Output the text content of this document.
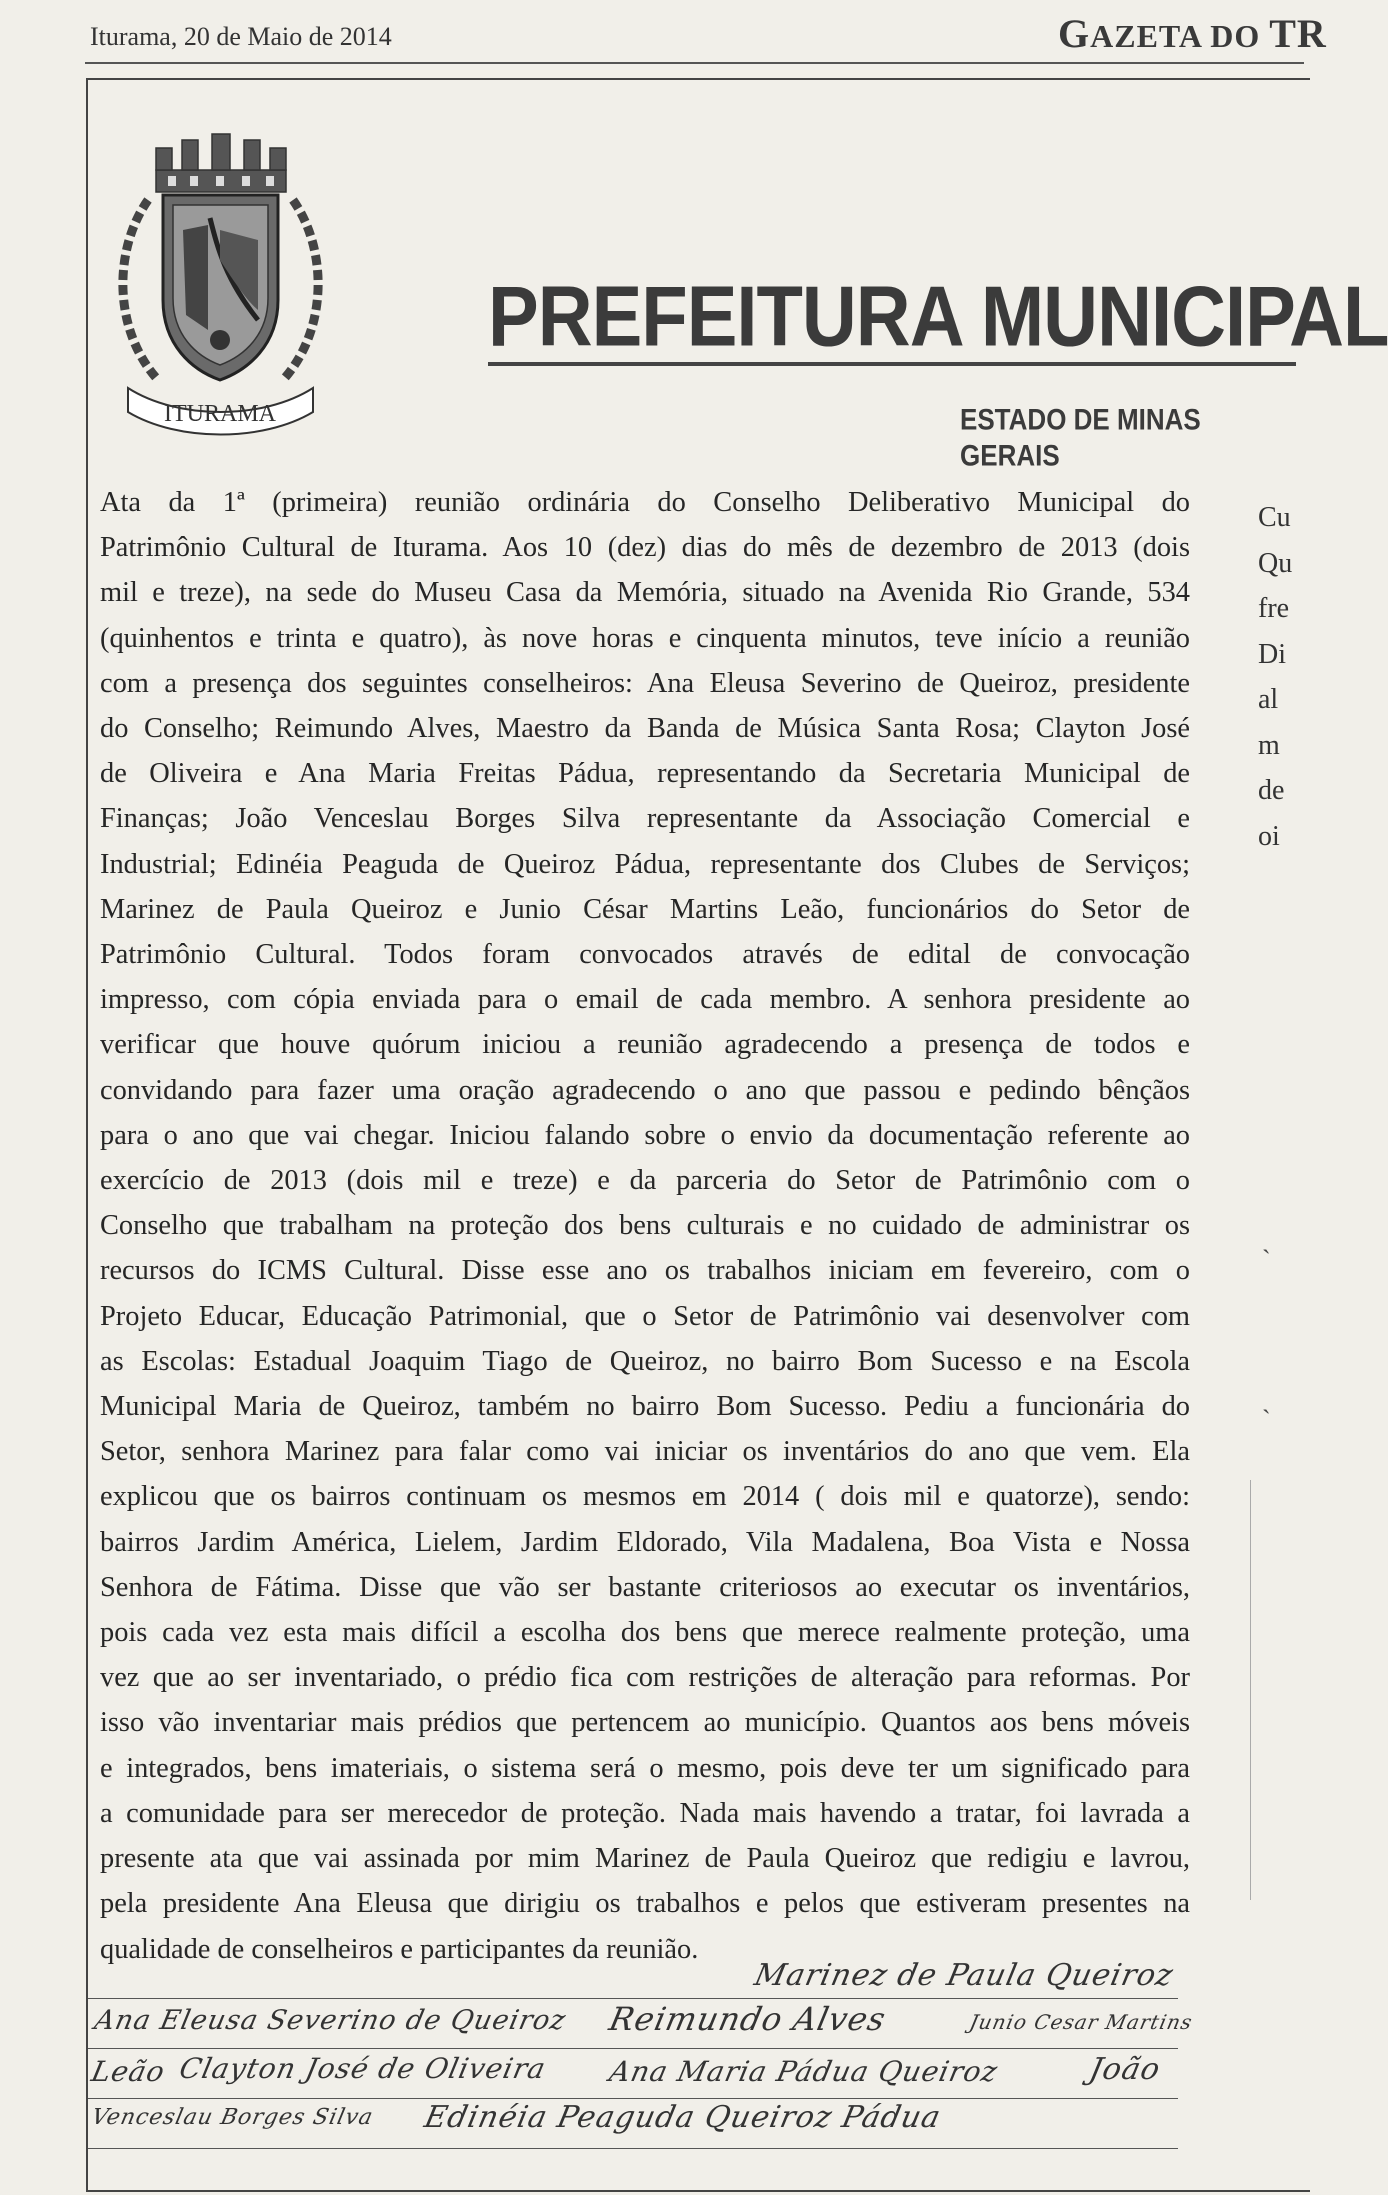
Iturama, 20 de Maio de 2014	GAZETA DO TR
ITURAMA
PREFEITURA MUNICIPAL
ESTADO DE MINAS GERAIS
Ata da 1ª (primeira) reunião ordinária do Conselho Deliberativo Municipal do
Patrimônio Cultural de Iturama. Aos 10 (dez) dias do mês de dezembro de 2013 (dois
mil e treze), na sede do Museu Casa da Memória, situado na Avenida Rio Grande, 534
(quinhentos e trinta e quatro), às nove horas e cinquenta minutos, teve início a reunião
com a presença dos seguintes conselheiros: Ana Eleusa Severino de Queiroz, presidente
do Conselho; Reimundo Alves, Maestro da Banda de Música Santa Rosa; Clayton José
de Oliveira e Ana Maria Freitas Pádua, representando da Secretaria Municipal de
Finanças; João Venceslau Borges Silva representante da Associação Comercial e
Industrial; Edinéia Peaguda de Queiroz Pádua, representante dos Clubes de Serviços;
Marinez de Paula Queiroz e Junio César Martins Leão, funcionários do Setor de
Patrimônio Cultural. Todos foram convocados através de edital de convocação
impresso, com cópia enviada para o email de cada membro. A senhora presidente ao
verificar que houve quórum iniciou a reunião agradecendo a presença de todos e
convidando para fazer uma oração agradecendo o ano que passou e pedindo bênçãos
para o ano que vai chegar. Iniciou falando sobre o envio da documentação referente ao
exercício de 2013 (dois mil e treze) e da parceria do Setor de Patrimônio com o
Conselho que trabalham na proteção dos bens culturais e no cuidado de administrar os
recursos do ICMS Cultural. Disse esse ano os trabalhos iniciam em fevereiro, com o
Projeto Educar, Educação Patrimonial, que o Setor de Patrimônio vai desenvolver com
as Escolas: Estadual Joaquim Tiago de Queiroz, no bairro Bom Sucesso e na Escola
Municipal Maria de Queiroz, também no bairro Bom Sucesso. Pediu a funcionária do
Setor, senhora Marinez para falar como vai iniciar os inventários do ano que vem. Ela
explicou que os bairros continuam os mesmos em 2014 ( dois mil e quatorze), sendo:
bairros Jardim América, Lielem, Jardim Eldorado, Vila Madalena, Boa Vista e Nossa
Senhora de Fátima. Disse que vão ser bastante criteriosos ao executar os inventários,
pois cada vez esta mais difícil a escolha dos bens que merece realmente proteção, uma
vez que ao ser inventariado, o prédio fica com restrições de alteração para reformas. Por
isso vão inventariar mais prédios que pertencem ao município. Quantos aos bens móveis
e integrados, bens imateriais, o sistema será o mesmo, pois deve ter um significado para
a comunidade para ser merecedor de proteção. Nada mais havendo a tratar, foi lavrada a
presente ata que vai assinada por mim Marinez de Paula Queiroz que redigiu e lavrou,
pela presidente Ana Eleusa que dirigiu os trabalhos e pelos que estiveram presentes na
qualidade de conselheiros e participantes da reunião.
Cu
Qu
fre
Di
al
m
de
oi
ˏ
ˎ
Marinez de Paula Queiroz
Ana Eleusa Severino de Queiroz Reimundo Alves	Junio Cesar Martins
Leão Clayton José de Oliveira Ana Maria Pádua Queiroz	João
Venceslau Borges Silva Edinéia Peaguda Queiroz Pádua
